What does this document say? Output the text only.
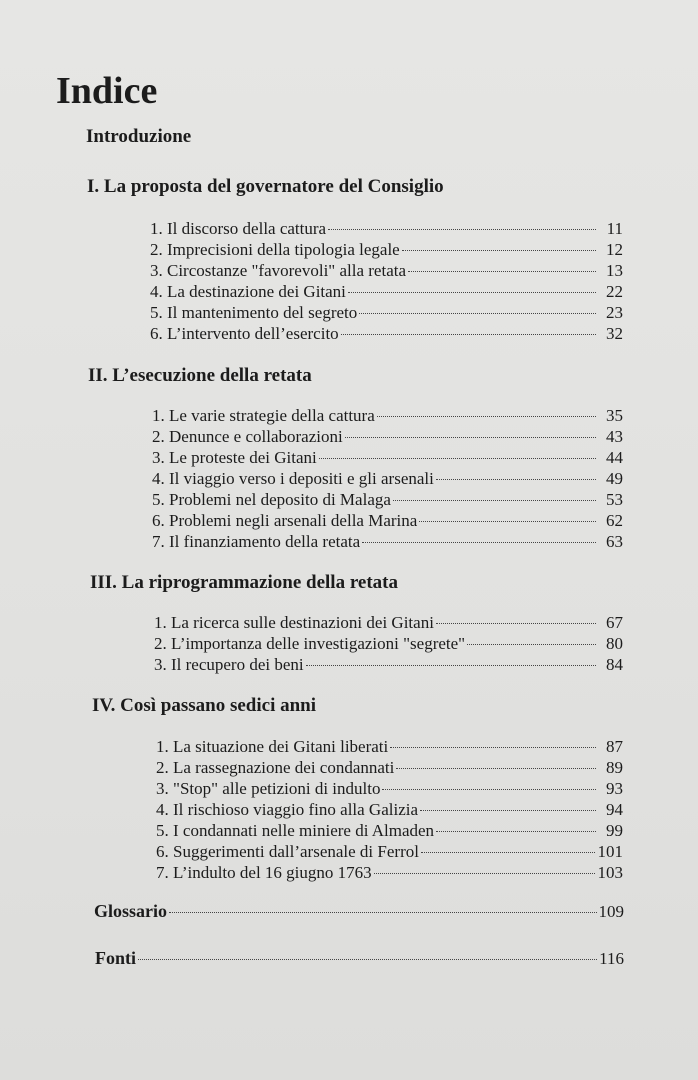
Indice
Introduzione
I. La proposta del governatore del Consiglio
1. Il discorso della cattura	11
2. Imprecisioni della tipologia legale	12
3. Circostanze "favorevoli" alla retata	13
4. La destinazione dei Gitani	22
5. Il mantenimento del segreto	23
6. L’intervento dell’esercito	32
II. L’esecuzione della retata
1. Le varie strategie della cattura	35
2. Denunce e collaborazioni	43
3. Le proteste dei Gitani	44
4. Il viaggio verso i depositi e gli arsenali	49
5. Problemi nel deposito di Malaga	53
6. Problemi negli arsenali della Marina	62
7. Il finanziamento della retata	63
III. La riprogrammazione della retata
1. La ricerca sulle destinazioni dei Gitani	67
2. L’importanza delle investigazioni "segrete"	80
3. Il recupero dei beni	84
IV. Così passano sedici anni
1. La situazione dei Gitani liberati	87
2. La rassegnazione dei condannati	89
3. "Stop" alle petizioni di indulto	93
4. Il rischioso viaggio fino alla Galizia	94
5. I condannati nelle miniere di Almaden	99
6. Suggerimenti dall’arsenale di Ferrol	101
7. L’indulto del 16 giugno 1763	103
Glossario	109
Fonti	116
